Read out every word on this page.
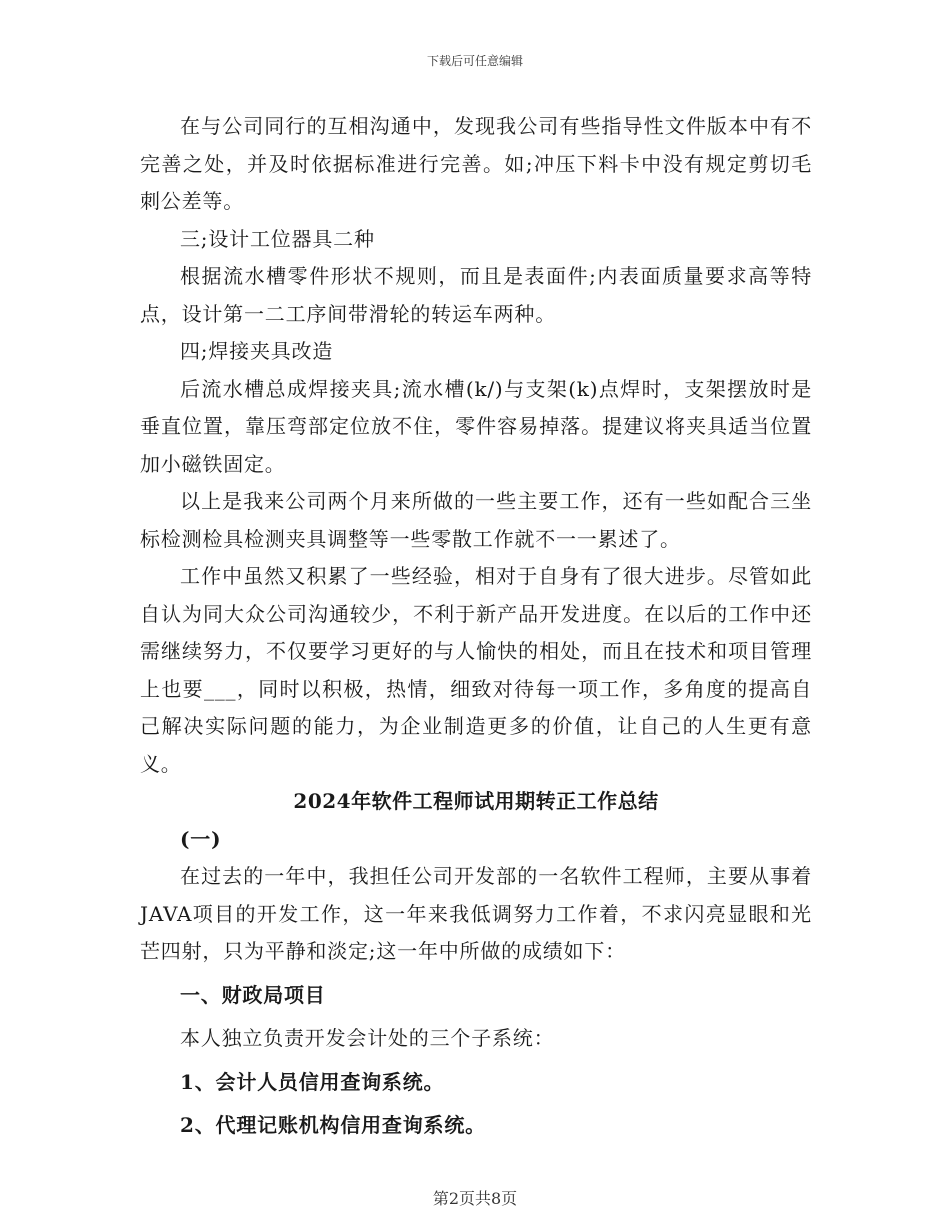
下载后可任意编辑

在与公司同行的互相沟通中，发现我公司有些指导性文件版本中有不完善之处，并及时依据标准进行完善。如;冲压下料卡中没有规定剪切毛刺公差等。

三;设计工位器具二种

根据流水槽零件形状不规则，而且是表面件;内表面质量要求高等特点，设计第一二工序间带滑轮的转运车两种。

四;焊接夹具改造

后流水槽总成焊接夹具;流水槽(k/)与支架(k)点焊时，支架摆放时是垂直位置，靠压弯部定位放不住，零件容易掉落。提建议将夹具适当位置加小磁铁固定。

以上是我来公司两个月来所做的一些主要工作，还有一些如配合三坐标检测检具检测夹具调整等一些零散工作就不一一累述了。

工作中虽然又积累了一些经验，相对于自身有了很大进步。尽管如此自认为同大众公司沟通较少，不利于新产品开发进度。在以后的工作中还需继续努力，不仅要学习更好的与人愉快的相处，而且在技术和项目管理上也要___，同时以积极，热情，细致对待每一项工作，多角度的提高自己解决实际问题的能力，为企业制造更多的价值，让自己的人生更有意义。

2024年软件工程师试用期转正工作总结

(一)

在过去的一年中，我担任公司开发部的一名软件工程师，主要从事着JAVA项目的开发工作，这一年来我低调努力工作着，不求闪亮显眼和光芒四射，只为平静和淡定;这一年中所做的成绩如下：

一、财政局项目

本人独立负责开发会计处的三个子系统：

1、会计人员信用查询系统。

2、代理记账机构信用查询系统。

第2页共8页
